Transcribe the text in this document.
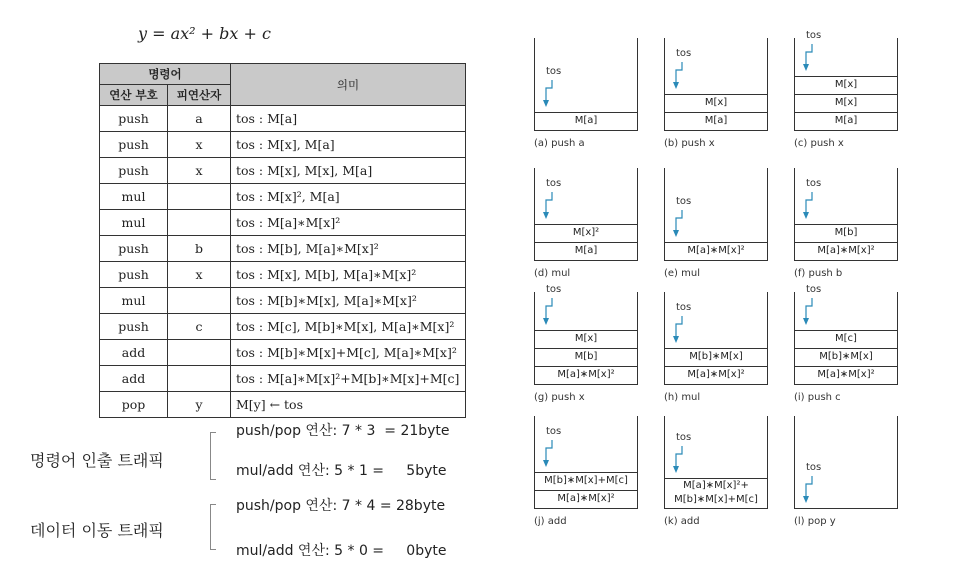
y = ax² + bx + c
명령어		의미
연산 부호	피연산자	
push	a	tos : M[a]
push	x	tos : M[x], M[a]
push	x	tos : M[x], M[x], M[a]
mul		tos : M[x]², M[a]
mul		tos : M[a]∗M[x]²
push	b	tos : M[b], M[a]∗M[x]²
push	x	tos : M[x], M[b], M[a]∗M[x]²
mul		tos : M[b]∗M[x], M[a]∗M[x]²
push	c	tos : M[c], M[b]∗M[x], M[a]∗M[x]²
add		tos : M[b]∗M[x]+M[c], M[a]∗M[x]²
add		tos : M[a]∗M[x]²+M[b]∗M[x]+M[c]
pop	y	M[y] ← tos
명령어 인출 트래픽
push/pop 연산: 7 * 3  = 21byte
mul/add 연산: 5 * 1 =     5byte
데이터 이동 트래픽
push/pop 연산: 7 * 4 = 28byte
mul/add 연산: 5 * 0 =     0byte
M[a]
tos
(a) push a
M[a]
M[x]
tos
(b) push x
M[a]
M[x]
M[x]
tos
(c) push x
M[a]
M[x]²
tos
(d) mul
M[a]∗M[x]²
tos
(e) mul
M[a]∗M[x]²
M[b]
tos
(f) push b
M[a]∗M[x]²
M[b]
M[x]
tos
(g) push x
M[a]∗M[x]²
M[b]∗M[x]
tos
(h) mul
M[a]∗M[x]²
M[b]∗M[x]
M[c]
tos
(i) push c
M[a]∗M[x]²
M[b]∗M[x]+M[c]
tos
(j) add
M[a]∗M[x]²+ M[b]∗M[x]+M[c]
tos
(k) add
tos
(l) pop y
